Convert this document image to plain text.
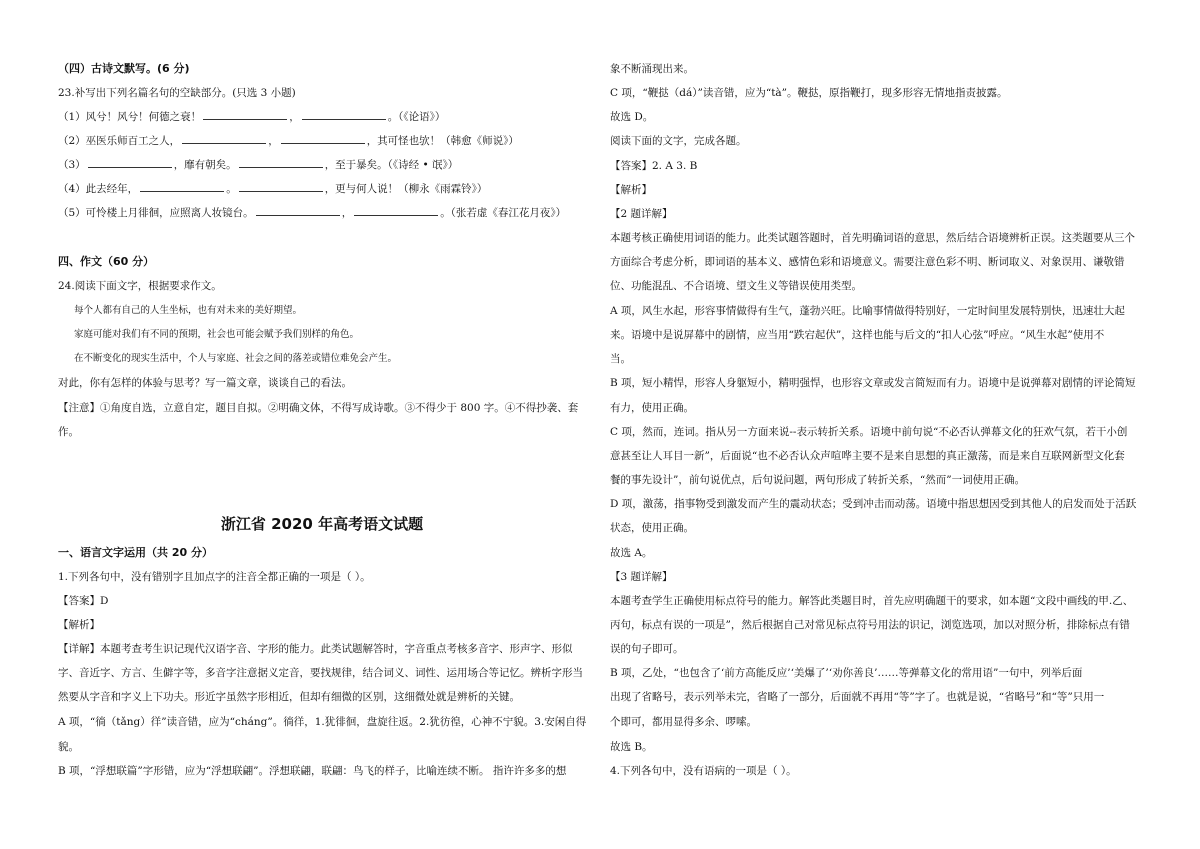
（四）古诗文默写。(6 分)
23.补写出下列名篇名句的空缺部分。(只选 3 小题)
（1）风兮！风兮！何德之衰！	，	。（《论语》）
（2）巫医乐师百工之人，	，	，其可怪也欤！（韩愈《师说》）
（3）	，靡有朝矣。	，至于暴矣。（《诗经 • 氓》）
（4）此去经年，	。	，更与何人说！（柳永《雨霖铃》）
（5）可怜楼上月徘徊，应照离人妆镜台。	，	。（张若虚《春江花月夜》）
四、作文（60 分）
24.阅读下面文字，根据要求作文。
每个人都有自己的人生坐标，也有对未来的美好期望。
家庭可能对我们有不同的预期，社会也可能会赋予我们别样的角色。
在不断变化的现实生活中，个人与家庭、社会之间的落差或错位难免会产生。
对此，你有怎样的体验与思考？写一篇文章，谈谈自己的看法。
【注意】①角度自选，立意自定，题目自拟。②明确文体，不得写成诗歌。③不得少于 800 字。④不得抄袭、套
作。
浙江省 2020 年高考语文试题
一、语言文字运用（共 20 分）
1.下列各句中，没有错别字且加点字的注音全都正确的一项是（ ）。
【答案】D
【解析】
【详解】本题考查考生识记现代汉语字音、字形的能力。此类试题解答时，字音重点考核多音字、形声字、形似
字、音近字、方言、生僻字等，多音字注意据义定音，要找规律，结合词义、词性、运用场合等记忆。辨析字形当
然要从字音和字义上下功夫。形近字虽然字形相近，但却有细微的区别，这细微处就是辨析的关键。
A 项，“徜（tǎng）徉”读音错，应为“cháng”。徜徉，1.犹徘徊，盘旋往返。2.犹彷徨，心神不宁貌。3.安闲自得
貌。
B 项，“浮想联篇”字形错，应为“浮想联翩”。浮想联翩，联翩：鸟飞的样子，比喻连续不断。 指许许多多的想
象不断涌现出来。
C 项，“鞭挞（dá）”读音错，应为“tà”。鞭挞，原指鞭打，现多形容无情地指责披露。
故选 D。
阅读下面的文字，完成各题。
【答案】2. A 3. B
【解析】
【2 题详解】
本题考核正确使用词语的能力。此类试题答题时，首先明确词语的意思，然后结合语境辨析正误。这类题要从三个
方面综合考虑分析，即词语的基本义、感情色彩和语境意义。需要注意色彩不明、断词取义、对象误用、谦敬错
位、功能混乱、不合语境、望文生义等错误使用类型。
A 项，风生水起，形容事情做得有生气，蓬勃兴旺。比喻事情做得特别好，一定时间里发展特别快，迅速壮大起
来。语境中是说屏幕中的剧情，应当用“跌宕起伏”，这样也能与后文的“扣人心弦”呼应。“风生水起”使用不
当。
B 项，短小精悍，形容人身躯短小，精明强悍，也形容文章或发言简短而有力。语境中是说弹幕对剧情的评论简短
有力，使用正确。
C 项，然而，连词。指从另一方面来说--表示转折关系。语境中前句说“不必否认弹幕文化的狂欢气氛，若干小创
意甚至让人耳目一新”，后面说“也不必否认众声喧哗主要不是来自思想的真正激荡，而是来自互联网新型文化套
餐的事先设计”，前句说优点，后句说问题，两句形成了转折关系，“然而”一词使用正确。
D 项，激荡，指事物受到激发而产生的震动状态；受到冲击而动荡。语境中指思想因受到其他人的启发而处于活跃
状态，使用正确。
故选 A。
【3 题详解】
本题考查学生正确使用标点符号的能力。解答此类题目时，首先应明确题干的要求，如本题“文段中画线的甲.乙、
丙句，标点有误的一项是”，然后根据自己对常见标点符号用法的识记，浏览选项，加以对照分析，排除标点有错
误的句子即可。
B 项，乙处，“也包含了‘前方高能反应’‘美爆了’‘劝你善良’……等弹幕文化的常用语”一句中，列举后面
出现了省略号，表示列举未完，省略了一部分，后面就不再用“等”字了。也就是说，“省略号”和“等”只用一
个即可，都用显得多余、啰嗦。
故选 B。
4.下列各句中，没有语病的一项是（ ）。
